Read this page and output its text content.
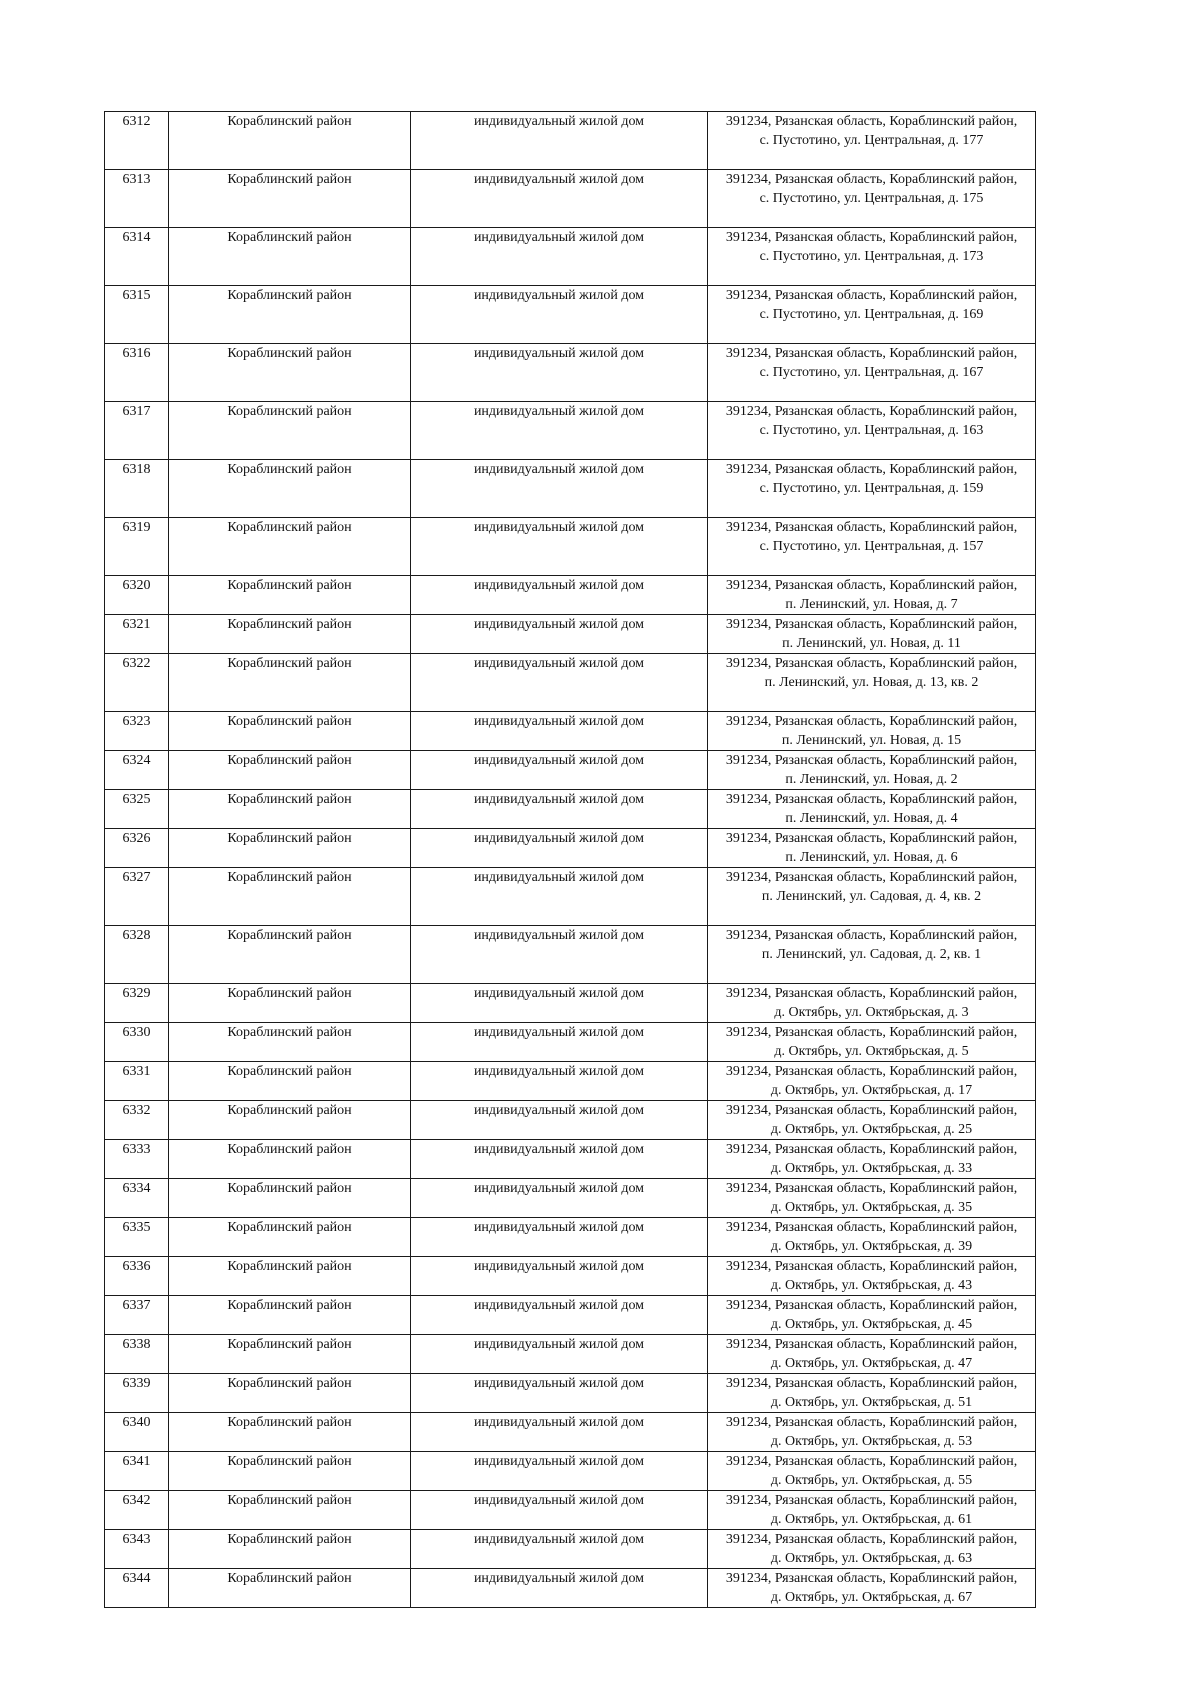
6312	Кораблинский район	индивидуальный жилой дом	391234, Рязанская область, Кораблинский район,
с. Пустотино, ул. Центральная, д. 177

6313	Кораблинский район	индивидуальный жилой дом	391234, Рязанская область, Кораблинский район,
с. Пустотино, ул. Центральная, д. 175

6314	Кораблинский район	индивидуальный жилой дом	391234, Рязанская область, Кораблинский район,
с. Пустотино, ул. Центральная, д. 173

6315	Кораблинский район	индивидуальный жилой дом	391234, Рязанская область, Кораблинский район,
с. Пустотино, ул. Центральная, д. 169

6316	Кораблинский район	индивидуальный жилой дом	391234, Рязанская область, Кораблинский район,
с. Пустотино, ул. Центральная, д. 167

6317	Кораблинский район	индивидуальный жилой дом	391234, Рязанская область, Кораблинский район,
с. Пустотино, ул. Центральная, д. 163

6318	Кораблинский район	индивидуальный жилой дом	391234, Рязанская область, Кораблинский район,
с. Пустотино, ул. Центральная, д. 159

6319	Кораблинский район	индивидуальный жилой дом	391234, Рязанская область, Кораблинский район,
с. Пустотино, ул. Центральная, д. 157

6320	Кораблинский район	индивидуальный жилой дом	391234, Рязанская область, Кораблинский район,
п. Ленинский, ул. Новая, д. 7

6321	Кораблинский район	индивидуальный жилой дом	391234, Рязанская область, Кораблинский район,
п. Ленинский, ул. Новая, д. 11

6322	Кораблинский район	индивидуальный жилой дом	391234, Рязанская область, Кораблинский район,
п. Ленинский, ул. Новая, д. 13, кв. 2

6323	Кораблинский район	индивидуальный жилой дом	391234, Рязанская область, Кораблинский район,
п. Ленинский, ул. Новая, д. 15

6324	Кораблинский район	индивидуальный жилой дом	391234, Рязанская область, Кораблинский район,
п. Ленинский, ул. Новая, д. 2

6325	Кораблинский район	индивидуальный жилой дом	391234, Рязанская область, Кораблинский район,
п. Ленинский, ул. Новая, д. 4

6326	Кораблинский район	индивидуальный жилой дом	391234, Рязанская область, Кораблинский район,
п. Ленинский, ул. Новая, д. 6

6327	Кораблинский район	индивидуальный жилой дом	391234, Рязанская область, Кораблинский район,
п. Ленинский, ул. Садовая, д. 4, кв. 2

6328	Кораблинский район	индивидуальный жилой дом	391234, Рязанская область, Кораблинский район,
п. Ленинский, ул. Садовая, д. 2, кв. 1

6329	Кораблинский район	индивидуальный жилой дом	391234, Рязанская область, Кораблинский район,
д. Октябрь, ул. Октябрьская, д. 3

6330	Кораблинский район	индивидуальный жилой дом	391234, Рязанская область, Кораблинский район,
д. Октябрь, ул. Октябрьская, д. 5

6331	Кораблинский район	индивидуальный жилой дом	391234, Рязанская область, Кораблинский район,
д. Октябрь, ул. Октябрьская, д. 17

6332	Кораблинский район	индивидуальный жилой дом	391234, Рязанская область, Кораблинский район,
д. Октябрь, ул. Октябрьская, д. 25

6333	Кораблинский район	индивидуальный жилой дом	391234, Рязанская область, Кораблинский район,
д. Октябрь, ул. Октябрьская, д. 33

6334	Кораблинский район	индивидуальный жилой дом	391234, Рязанская область, Кораблинский район,
д. Октябрь, ул. Октябрьская, д. 35

6335	Кораблинский район	индивидуальный жилой дом	391234, Рязанская область, Кораблинский район,
д. Октябрь, ул. Октябрьская, д. 39

6336	Кораблинский район	индивидуальный жилой дом	391234, Рязанская область, Кораблинский район,
д. Октябрь, ул. Октябрьская, д. 43

6337	Кораблинский район	индивидуальный жилой дом	391234, Рязанская область, Кораблинский район,
д. Октябрь, ул. Октябрьская, д. 45

6338	Кораблинский район	индивидуальный жилой дом	391234, Рязанская область, Кораблинский район,
д. Октябрь, ул. Октябрьская, д. 47

6339	Кораблинский район	индивидуальный жилой дом	391234, Рязанская область, Кораблинский район,
д. Октябрь, ул. Октябрьская, д. 51

6340	Кораблинский район	индивидуальный жилой дом	391234, Рязанская область, Кораблинский район,
д. Октябрь, ул. Октябрьская, д. 53

6341	Кораблинский район	индивидуальный жилой дом	391234, Рязанская область, Кораблинский район,
д. Октябрь, ул. Октябрьская, д. 55

6342	Кораблинский район	индивидуальный жилой дом	391234, Рязанская область, Кораблинский район,
д. Октябрь, ул. Октябрьская, д. 61

6343	Кораблинский район	индивидуальный жилой дом	391234, Рязанская область, Кораблинский район,
д. Октябрь, ул. Октябрьская, д. 63

6344	Кораблинский район	индивидуальный жилой дом	391234, Рязанская область, Кораблинский район,
д. Октябрь, ул. Октябрьская, д. 67
